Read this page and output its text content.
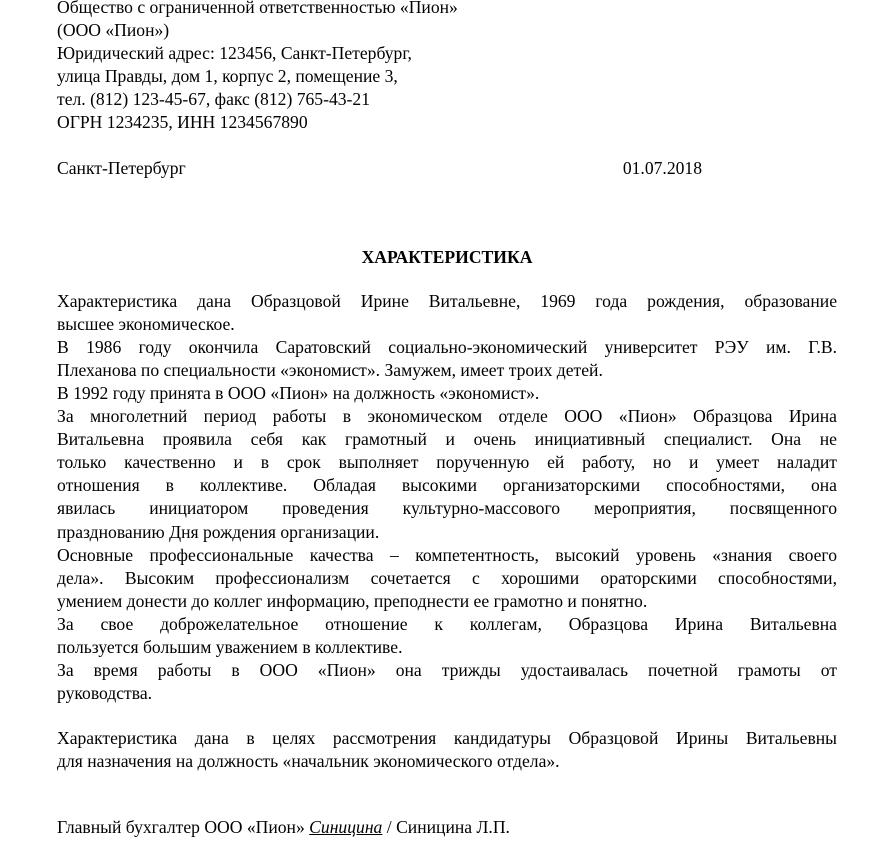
Общество с ограниченной ответственностью «Пион»
(ООО «Пион»)
Юридический адрес: 123456, Санкт-Петербург,
улица Правды, дом 1, корпус 2, помещение 3,
тел. (812) 123-45-67, факс (812) 765-43-21
ОГРН 1234235, ИНН 1234567890
Санкт-Петербург	01.07.2018
ХАРАКТЕРИСТИКА
Характеристика дана Образцовой Ирине Витальевне, 1969 года рождения, образование
высшее экономическое.
В 1986 году окончила Саратовский социально-экономический университет РЭУ им. Г.В.
Плеханова по специальности «экономист». Замужем, имеет троих детей.
В 1992 году принята в ООО «Пион» на должность «экономист».
За многолетний период работы в экономическом отделе ООО «Пион» Образцова Ирина
Витальевна проявила себя как грамотный и очень инициативный специалист. Она не
только качественно и в срок выполняет порученную ей работу, но и умеет наладит
отношения в коллективе. Обладая высокими организаторскими способностями, она
явилась инициатором проведения культурно-массового мероприятия, посвященного
празднованию Дня рождения организации.
Основные профессиональные качества – компетентность, высокий уровень «знания своего
дела». Высоким профессионализм сочетается с хорошими ораторскими способностями,
умением донести до коллег информацию, преподнести ее грамотно и понятно.
За свое доброжелательное отношение к коллегам, Образцова Ирина Витальевна
пользуется большим уважением в коллективе.
За время работы в ООО «Пион» она трижды удостаивалась почетной грамоты от
руководства.
Характеристика дана в целях рассмотрения кандидатуры Образцовой Ирины Витальевны
для назначения на должность «начальник экономического отдела».
Главный бухгалтер ООО «Пион» Синицина / Синицина Л.П.
